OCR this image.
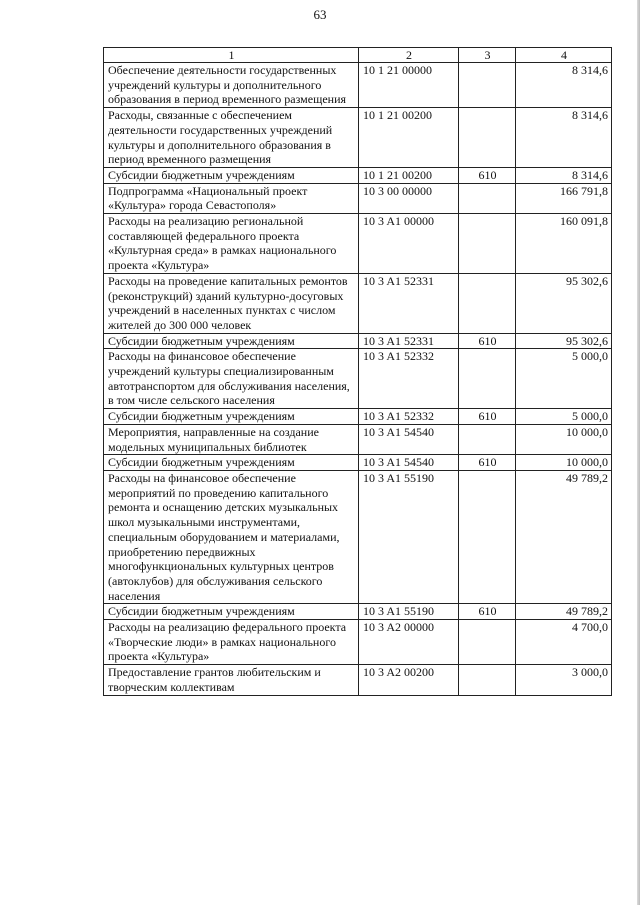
63
1	2	3	4
Обеспечение деятельности государственных учреждений культуры и дополнительного образования в период временного размещения	10 1 21 00000		8 314,6
Расходы, связанные с обеспечением деятельности государственных учреждений культуры и дополнительного образования в период временного размещения	10 1 21 00200		8 314,6
Субсидии бюджетным учреждениям	10 1 21 00200	610	8 314,6
Подпрограмма «Национальный проект «Культура» города Севастополя»	10 3 00 00000		166 791,8
Расходы на реализацию региональной составляющей федерального проекта «Культурная среда» в рамках национального проекта «Культура»	10 3 A1 00000		160 091,8
Расходы на проведение капитальных ремонтов (реконструкций) зданий культурно-досуговых учреждений в населенных пунктах с числом жителей до 300 000 человек	10 3 A1 52331		95 302,6
Субсидии бюджетным учреждениям	10 3 A1 52331	610	95 302,6
Расходы на финансовое обеспечение учреждений культуры специализированным автотранспортом для обслуживания населения, в том числе сельского населения	10 3 A1 52332		5 000,0
Субсидии бюджетным учреждениям	10 3 A1 52332	610	5 000,0
Мероприятия, направленные на создание модельных муниципальных библиотек	10 3 A1 54540		10 000,0
Субсидии бюджетным учреждениям	10 3 A1 54540	610	10 000,0
Расходы на финансовое обеспечение мероприятий по проведению капитального ремонта и оснащению детских музыкальных школ музыкальными инструментами, специальным оборудованием и материалами, приобретению передвижных многофункциональных культурных центров (автоклубов) для обслуживания сельского населения	10 3 A1 55190		49 789,2
Субсидии бюджетным учреждениям	10 3 A1 55190	610	49 789,2
Расходы на реализацию федерального проекта «Творческие люди» в рамках национального проекта «Культура»	10 3 A2 00000		4 700,0
Предоставление грантов любительским и творческим коллективам	10 3 A2 00200		3 000,0
